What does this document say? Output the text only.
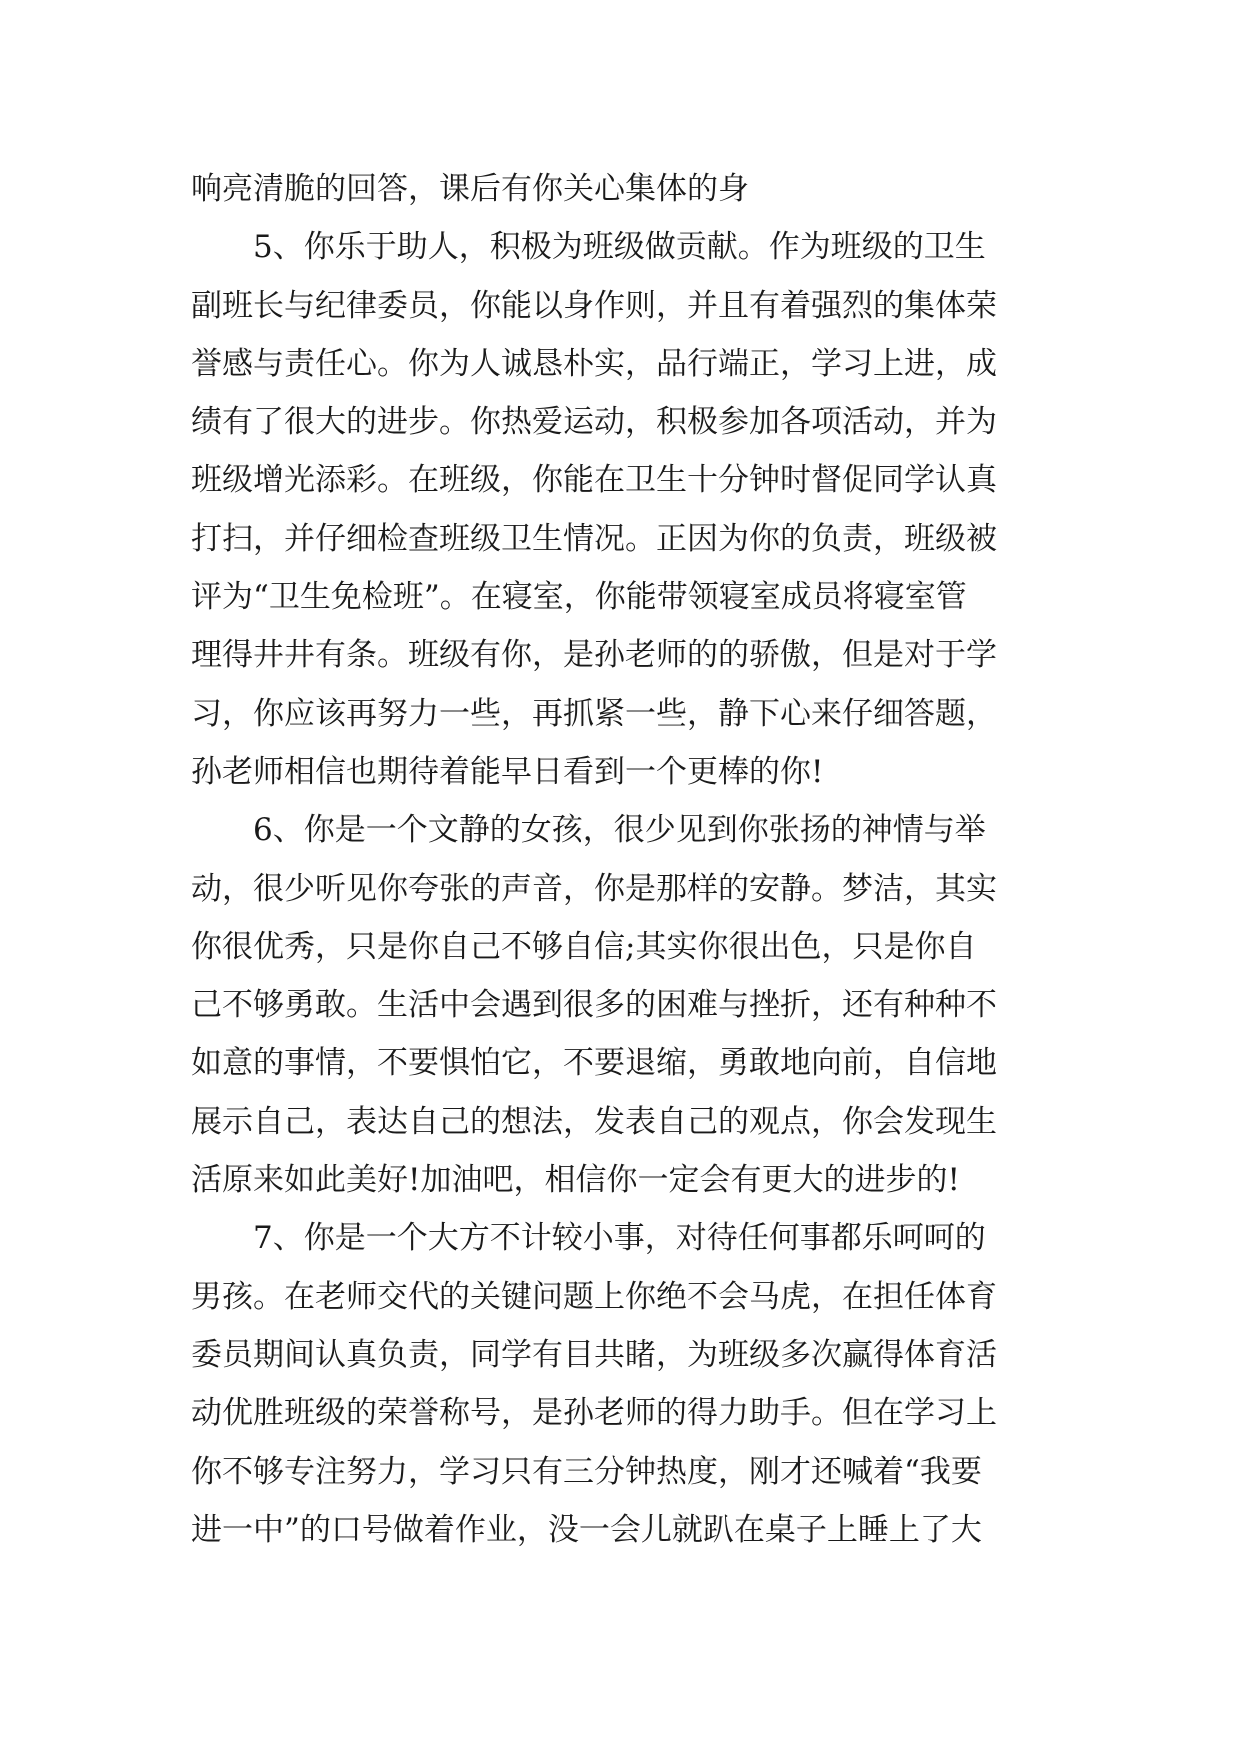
响亮清脆的回答，课后有你关心集体的身
5、你乐于助人，积极为班级做贡献。作为班级的卫生
副班长与纪律委员，你能以身作则，并且有着强烈的集体荣
誉感与责任心。你为人诚恳朴实，品行端正，学习上进，成
绩有了很大的进步。你热爱运动，积极参加各项活动，并为
班级增光添彩。在班级，你能在卫生十分钟时督促同学认真
打扫，并仔细检查班级卫生情况。正因为你的负责，班级被
评为“卫生免检班”。在寝室，你能带领寝室成员将寝室管
理得井井有条。班级有你，是孙老师的的骄傲，但是对于学
习，你应该再努力一些，再抓紧一些，静下心来仔细答题，
孙老师相信也期待着能早日看到一个更棒的你!
6、你是一个文静的女孩，很少见到你张扬的神情与举
动，很少听见你夸张的声音，你是那样的安静。梦洁，其实
你很优秀，只是你自己不够自信;其实你很出色，只是你自
己不够勇敢。生活中会遇到很多的困难与挫折，还有种种不
如意的事情，不要惧怕它，不要退缩，勇敢地向前，自信地
展示自己，表达自己的想法，发表自己的观点，你会发现生
活原来如此美好!加油吧，相信你一定会有更大的进步的!
7、你是一个大方不计较小事，对待任何事都乐呵呵的
男孩。在老师交代的关键问题上你绝不会马虎，在担任体育
委员期间认真负责，同学有目共睹，为班级多次赢得体育活
动优胜班级的荣誉称号，是孙老师的得力助手。但在学习上
你不够专注努力，学习只有三分钟热度，刚才还喊着“我要
进一中”的口号做着作业，没一会儿就趴在桌子上睡上了大
